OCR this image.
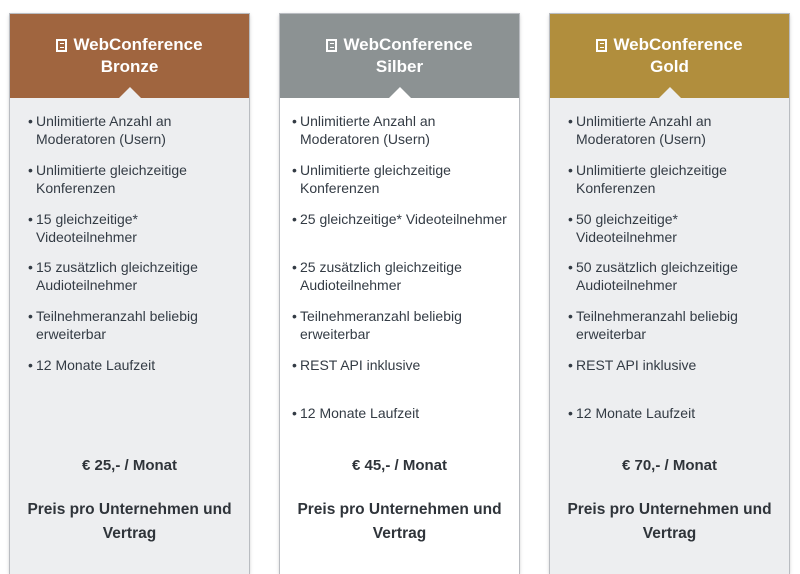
WebConference
Bronze
• Unlimitierte Anzahl an Moderatoren (Usern)
• Unlimitierte gleichzeitige Konferenzen
• 15 gleichzeitige* Videoteilnehmer
• 15 zusätzlich gleichzeitige Audioteilnehmer
• Teilnehmeranzahl beliebig erweiterbar
• 12 Monate Laufzeit
€ 25,- / Monat
Preis pro Unternehmen und Vertrag
WebConference
Silber
• Unlimitierte Anzahl an Moderatoren (Usern)
• Unlimitierte gleichzeitige Konferenzen
• 25 gleichzeitige* Videoteilnehmer
• 25 zusätzlich gleichzeitige Audioteilnehmer
• Teilnehmeranzahl beliebig erweiterbar
• REST API inklusive
• 12 Monate Laufzeit
€ 45,- / Monat
Preis pro Unternehmen und Vertrag
WebConference
Gold
• Unlimitierte Anzahl an Moderatoren (Usern)
• Unlimitierte gleichzeitige Konferenzen
• 50 gleichzeitige* Videoteilnehmer
• 50 zusätzlich gleichzeitige Audioteilnehmer
• Teilnehmeranzahl beliebig erweiterbar
• REST API inklusive
• 12 Monate Laufzeit
€ 70,- / Monat
Preis pro Unternehmen und Vertrag
